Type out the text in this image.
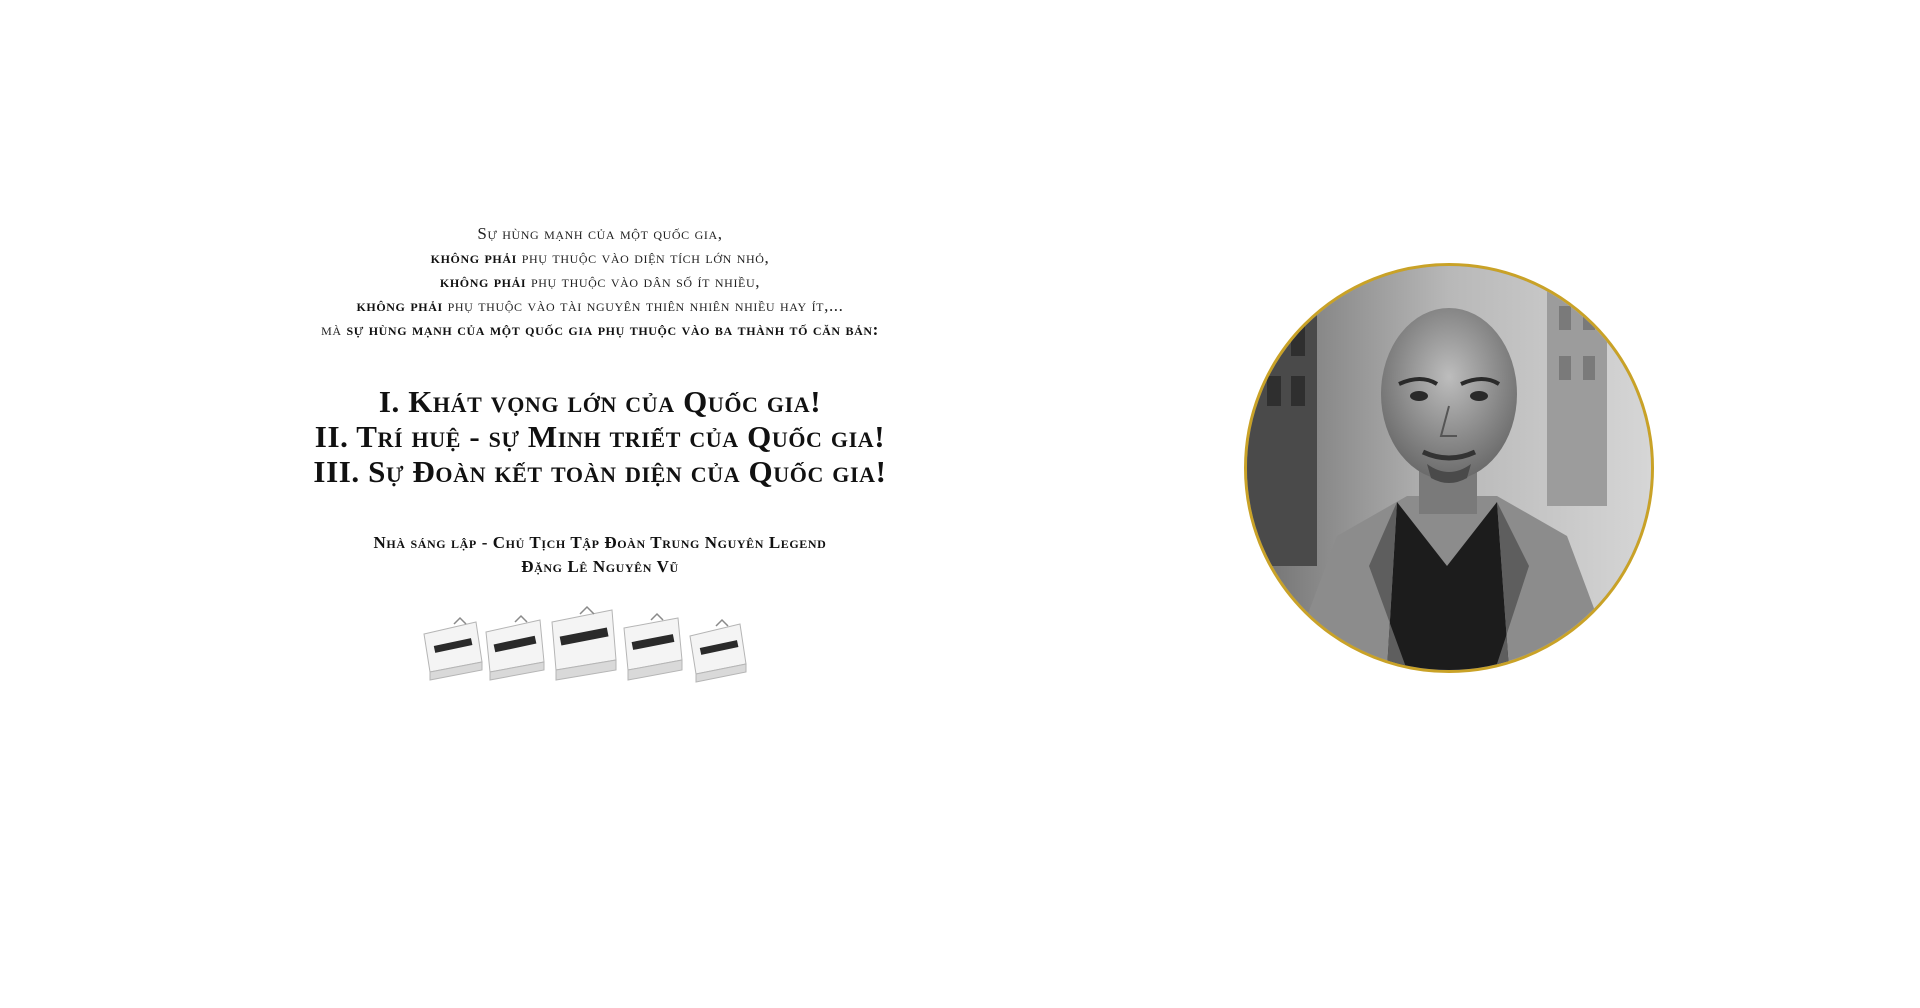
Sự hùng mạnh của một quốc gia,
không phải phụ thuộc vào diện tích lớn nhỏ,
không phải phụ thuộc vào dân số ít nhiều,
không phải phụ thuộc vào tài nguyên thiên nhiên nhiều hay ít,...
mà sự hùng mạnh của một quốc gia phụ thuộc vào ba thành tố căn bản:
I. Khát vọng lớn của Quốc gia!
II. Trí huệ - sự Minh triết của Quốc gia!
III. Sự Đoàn kết toàn diện của Quốc gia!
Nhà sáng lập - Chủ Tịch Tập Đoàn Trung Nguyên Legend
Đặng Lê Nguyên Vũ
